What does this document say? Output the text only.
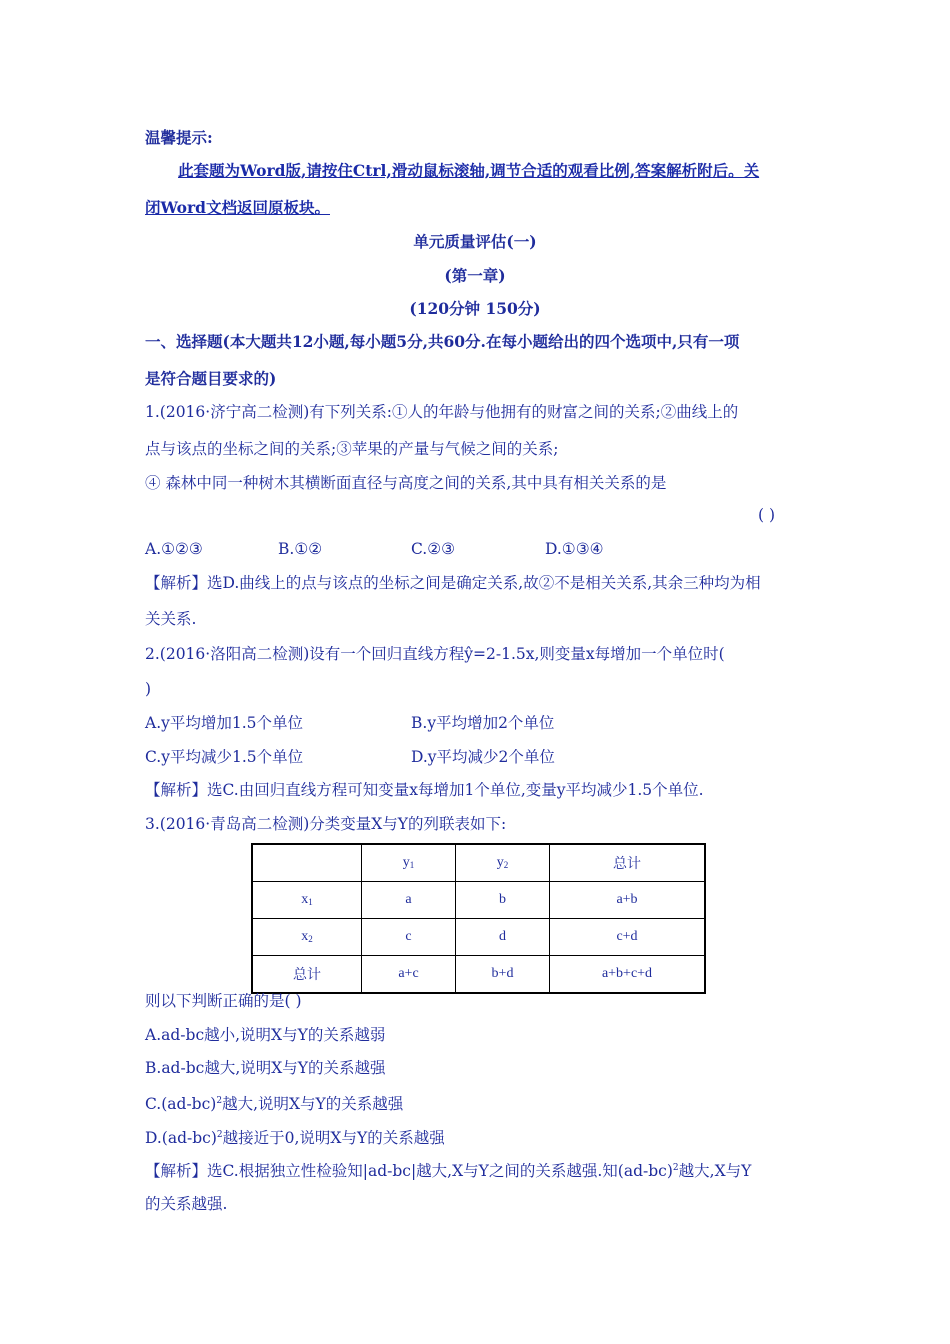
温馨提示:
此套题为Word版,请按住Ctrl,滑动鼠标滚轴,调节合适的观看比例,答案解析附后。关
闭Word文档返回原板块。
单元质量评估(一)
(第一章)
(120分钟 150分)
一、选择题(本大题共12小题,每小题5分,共60分.在每小题给出的四个选项中,只有一项
是符合题目要求的)
1.(2016·济宁高二检测)有下列关系:①人的年龄与他拥有的财富之间的关系;②曲线上的
点与该点的坐标之间的关系;③苹果的产量与气候之间的关系;
④ 森林中同一种树木其横断面直径与高度之间的关系,其中具有相关关系的是
( )
A.①②③	B.①②	C.②③	D.①③④
【解析】选D.曲线上的点与该点的坐标之间是确定关系,故②不是相关关系,其余三种均为相
关关系.
2.(2016·洛阳高二检测)设有一个回归直线方程ŷ=2-1.5x,则变量x每增加一个单位时(
)
A.y平均增加1.5个单位	B.y平均增加2个单位
C.y平均减少1.5个单位	D.y平均减少2个单位
【解析】选C.由回归直线方程可知变量x每增加1个单位,变量y平均减少1.5个单位.
3.(2016·青岛高二检测)分类变量X与Y的列联表如下:
	$y_1$	$y_2$	总计
$x_1$	a	b	a+b
$x_2$	c	d	c+d
总计	a+c	b+d	a+b+c+d
则以下判断正确的是( )
A.ad-bc越小,说明X与Y的关系越弱
B.ad-bc越大,说明X与Y的关系越强
$C.(ad-bc)^2$越大,说明X与Y的关系越强
$D.(ad-bc)^2$越接近于0,说明X与Y的关系越强
【解析】选C.根据独立性检验知|ad-bc|越大,X与Y之间的关系越强.知$(ad-bc)^2$越大,X与Y
的关系越强.
